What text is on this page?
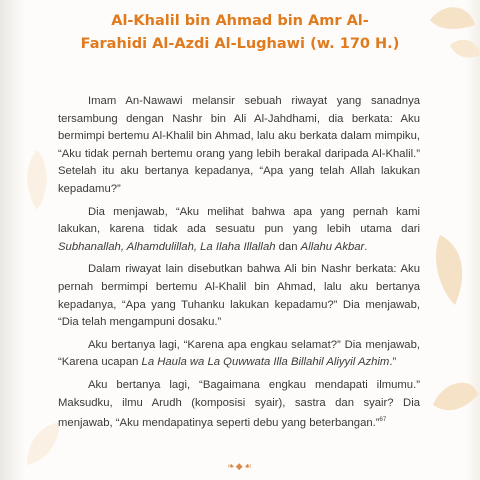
Al-Khalil bin Ahmad bin Amr Al-
Farahidi Al-Azdi Al-Lughawi (w. 170 H.)

Imam An-Nawawi melansir sebuah riwayat yang sanadnya tersambung dengan Nashr bin Ali Al-Jahdhami, dia berkata: Aku bermimpi bertemu Al-Khalil bin Ahmad, lalu aku berkata dalam mimpiku, “Aku tidak pernah bertemu orang yang lebih berakal daripada Al-Khalil.” Setelah itu aku bertanya kepadanya, “Apa yang telah Allah lakukan kepadamu?”

Dia menjawab, “Aku melihat bahwa apa yang pernah kami lakukan, karena tidak ada sesuatu pun yang lebih utama dari Subhanallah, Alhamdulillah, La Ilaha Illallah dan Allahu Akbar.

Dalam riwayat lain disebutkan bahwa Ali bin Nashr berkata: Aku pernah bermimpi bertemu Al-Khalil bin Ahmad, lalu aku bertanya kepadanya, “Apa yang Tuhanku lakukan kepadamu?” Dia menjawab, “Dia telah mengampuni dosaku.”

Aku bertanya lagi, “Karena apa engkau selamat?” Dia menjawab, “Karena ucapan La Haula wa La Quwwata Illa Billahil Aliyyil Azhim.”

Aku bertanya lagi, “Bagaimana engkau mendapati ilmumu.” Maksudku, ilmu Arudh (komposisi syair), sastra dan syair? Dia menjawab, “Aku mendapatinya seperti debu yang beterbangan.”$^{67}$

❧◆☙
